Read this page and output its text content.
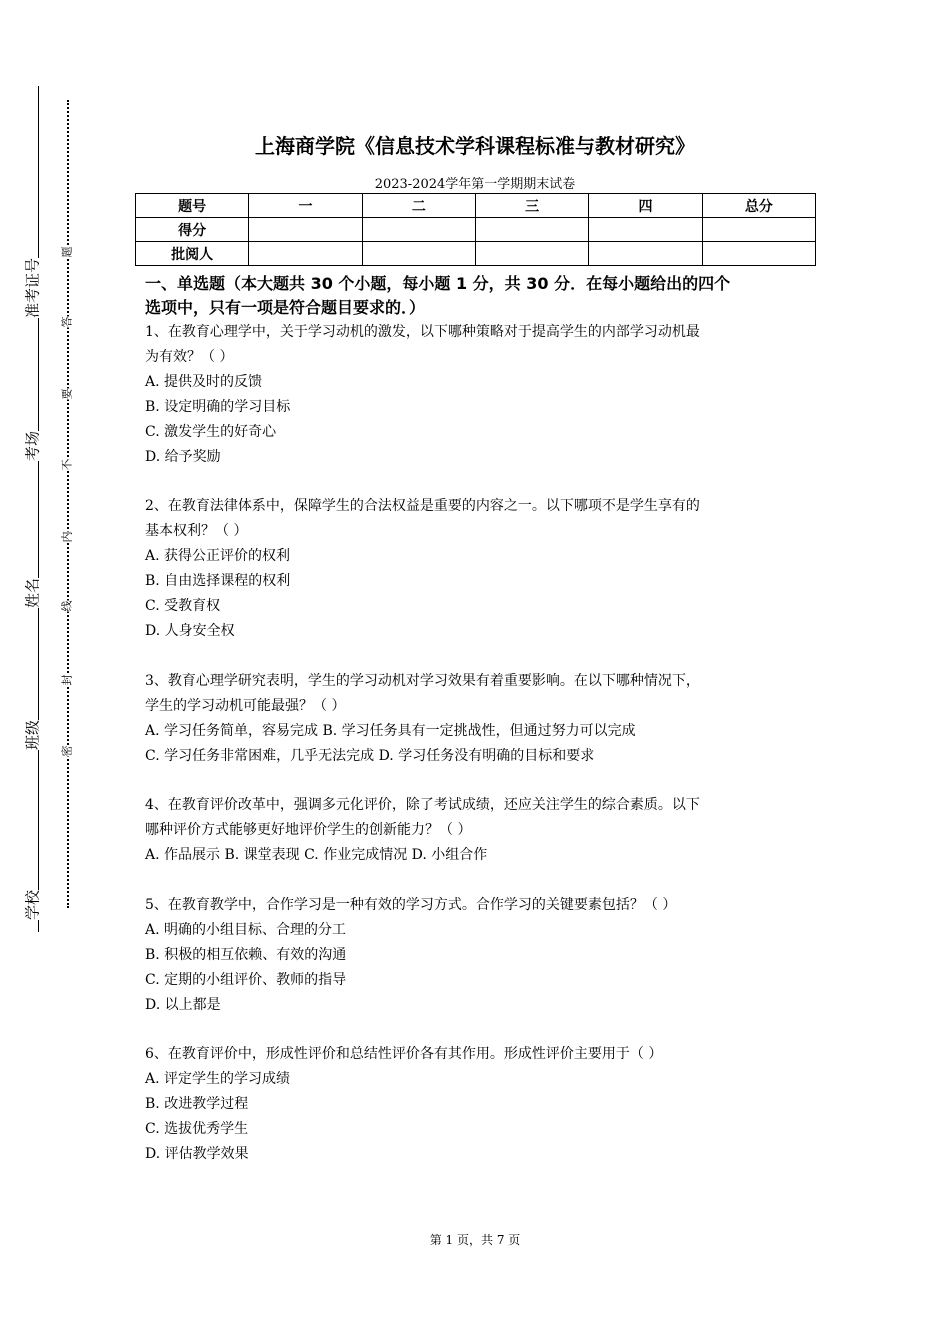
准考证号
考场
姓名
班级
学校
题
答
要
不
内
线
封
密
上海商学院《信息技术学科课程标准与教材研究》
2023-2024学年第一学期期末试卷
题号	一	二	三	四	总分
得分					
批阅人					
一、单选题（本大题共 30 个小题，每小题 1 分，共 30 分．在每小题给出的四个
选项中，只有一项是符合题目要求的．）
1、在教育心理学中，关于学习动机的激发，以下哪种策略对于提高学生的内部学习动机最
为有效？（ ）
A. 提供及时的反馈
B. 设定明确的学习目标
C. 激发学生的好奇心
D. 给予奖励
2、在教育法律体系中，保障学生的合法权益是重要的内容之一。以下哪项不是学生享有的
基本权利？（ ）
A. 获得公正评价的权利
B. 自由选择课程的权利
C. 受教育权
D. 人身安全权
3、教育心理学研究表明，学生的学习动机对学习效果有着重要影响。在以下哪种情况下，
学生的学习动机可能最强？（ ）
A. 学习任务简单，容易完成 B. 学习任务具有一定挑战性，但通过努力可以完成
C. 学习任务非常困难，几乎无法完成 D. 学习任务没有明确的目标和要求
4、在教育评价改革中，强调多元化评价，除了考试成绩，还应关注学生的综合素质。以下
哪种评价方式能够更好地评价学生的创新能力？（ ）
A. 作品展示 B. 课堂表现 C. 作业完成情况 D. 小组合作
5、在教育教学中，合作学习是一种有效的学习方式。合作学习的关键要素包括？（ ）
A. 明确的小组目标、合理的分工
B. 积极的相互依赖、有效的沟通
C. 定期的小组评价、教师的指导
D. 以上都是
6、在教育评价中，形成性评价和总结性评价各有其作用。形成性评价主要用于（ ）
A. 评定学生的学习成绩
B. 改进教学过程
C. 选拔优秀学生
D. 评估教学效果
第 1 页，共 7 页
